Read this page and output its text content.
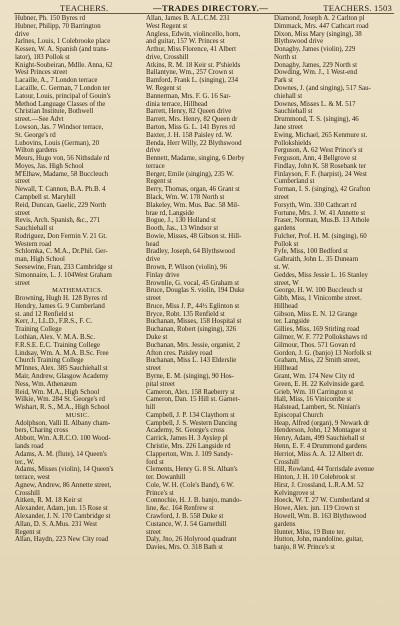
TEACHERS.	—TRADES DIRECTORY.—	TEACHERS. 1503
Hubner, Ph. 150 Byres rd
Hubner, Philipp, 70 Barrington
drive
Jarlnes, Louis, 1 Colebrooke place
Kessen, W. A. Spanish (and trans-
lator), 183 Pollok st
Knight-Soubeiran, Mdlle. Anna, 62
West Princes street
Lacaille, A., 7 London terrace
Lacaille, C. German, 7 London ter
Latour, Louis, principal of Gouin's
Method Language Classes of the
Christian Institute, Bothwell
street.—See Advt
Lowson, Jas. 7 Windsor terrace,
St. George's rd
Lubovins, Louis (German), 20
Wilton gardens
Meurs, Hugo von, 56 Nithsdale rd
Moyes, Jas. High School
M'Elhaw, Madame, 58 Buccleuch
street
Newall, T. Cannon, B.A. Ph.B. 4
Campbell st. Maryhill
Reid, Duncan, Gaelic, 229 North
street
Revis, Arch. Spanish, &c., 271
Sauchiehall st
Rodriguez, Don Fermin V. 21 Gt.
Western road
Schlomka, C. M.A., Dr.Phil. Ger-
man, High School
Seesewine, Fran, 233 Cambridge st
Simonnaire, L. J. 104West Graham
street
MATHEMATICS.
Browning, Hugh H. 128 Byres rd
Hendry, James G. 9 Cumberland
st. and 12 Renfield st
Kerr, J., LL.D., F.R.S., F. C.
Training College
Lothian, Alex. V. M.A. B.Sc.
F.R.S.E. E.C. Training College
Lindsay, Wm. A. M.A. B.Sc. Free
Church Training College
M'Innes, Alex. 385 Sauchiehall st
Mair, Andrew, Glasgow Academy
Ness, Wm. Athenæum
Reid, Wm. M.A., High School
Wilkie, Wm. 284 St. George's rd
Wishart, R. S., M.A., High School
MUSIC.
Adolphson, Valli II. Albany cham-
bers, Charing cross
Abbott, Wm. A.R.C.O. 100 Wood-
lands road
Adams, A. M. (flute), 14 Queen's
ter., W.
Adams, Misses (violin), 14 Queen's
terrace, west
Agnew, Andrew, 86 Annette street,
Crosshill
Aitken, R. M. 18 Keir st
Alexander, Adam, jun. 15 Rose st
Alexander, J. N. 170 Cambridge st
Allan, D. S. A.Mus. 231 West
Regent st
Allan, Haydn, 223 New City road
Allan, James B. A.L.C.M. 231
West Regent st
Angless, Edwin, violincello, horn,
and guitar, 157 W. Princes st
Arthur, Miss Florence, 41 Albert
drive, Crosshill
Atkins, R. M. 18 Keir st. P'shields
Ballantyne, Wm., 257 Crown st
Bamford, Frank L. (singing), 234
W. Regent st
Bannerman, Mrs. F. G. 16 Sar-
dinia terrace, Hillhead
Barrett, Henry, 82 Queen drive
Barrett, Mrs. Henry, 82 Queen dr
Barton, Miss G. L. 141 Byres rd
Baxter, J. H. 158 Paisley rd. W.
Benda, Herr Willy, 22 Blythswood
drive
Bennett, Madame, singing, 6 Derby
terrace
Berger, Emile (singing), 235 W.
Regent st
Berry, Thomas, organ, 46 Grant st
Black, Wm. W. 178 North st
Blakeley, Wm. Mus. Bac. 58 Mil-
brae rd, Langside
Bogue, J., 130 Holland st
Booth, Jas., 13 Windsor st
Bowie, Misses, 48 Gibson st. Hill-
head
Bradley, Joseph, 64 Blythswood
drive
Brown, P. Wilson (violin), 96
Finlay drive
Brownlie, G. vocal, 45 Graham st
Bruce, Douglas S. violin, 194 Duke
street
Bruce, Miss J. P., 44½ Eglinton st
Bryce, Robt. 135 Renfield st
Buchanan, Misses, 158 Hospital st
Buchanan, Robert (singing), 326
Duke st
Buchanan, Mrs. Jessie, organist, 2
Afton cres. Paisley road
Buchanan, Miss L. 143 Elderslie
street
Byrne, E. M. (singing), 90 Hos-
pital street
Cameron, Alex. 158 Raeberry st
Cameron, Dan. 15 Hill st. Garnet-
hill
Campbell, J. P. 134 Claythorn st
Campbell, J. S. Western Dancing
Academy, St. George's cross
Carrick, James H. 3 Ayslep pl
Christie, Mrs. 226 Langside rd
Clapperton, Wm. J. 109 Sandy-
ford st
Clements, Henry G. 8 St. Alban's
ter. Dowanhill
Cole, W. H. (Cole's Band), 6 W.
Prince's st
Connochie, H. J. B. banjo, mando-
line, &c. 164 Renfrew st
Crawford, J. B. 558 Duke st
Custance, W. J. 54 Garnethill
street
Daly, Jno, 26 Holyrood quadrant
Davies, Mrs. O. 318 Bath st
Diamond, Joseph A. 2 Carlton pl
Dimmack, Mrs. 447 Cathcart road
Dixon, Miss Mary (singing), 38
Blythswood drive
Donaghy, James (violin), 229
North st
Donaghy, James, 229 North st
Dowding, Wm. J., 1 West-end
Park st
Downes, J. (and singing), 517 Sau-
chiehall st
Downes, Misses L. & M. 517
Sauchiehall st
Drummond, T. S. (singing), 46
Jane street
Ewing, Michael, 265 Kenmure st.
Pollokshields
Ferguson, A. 62 West Prince's st
Ferguson, Ann, 4 Bellgrove st
Findlay, John K. 58 Rosebank ter
Finlayson, F. F. (harpist), 24 West
Cumberland st
Forman, I. S. (singing), 42 Grafton
street
Forsyth, Wm. 330 Cathcart rd
Fortune, Mrs. J. W. 41 Annette st
Fraser, Norman, Mus.B. 13 Athole
gardens
Fulcher, Prof. H. M. (singing), 60
Pollok st
Fyfe, Miss, 100 Bedford st
Galbraith, John L. 35 Dunearn
st. W.
Geddes, Miss Jessie L. 16 Stanley
street, W
George, H. W. 100 Buccleuch st
Gibb, Miss, 1 Vinicombe street.
Hillhead
Gibson, Miss E. N. 12 Grange
ter. Langside
Gillies, Miss, 169 Stirling road
Gilmer, W. F. 772 Pollokshaws rd
Gilmour, Thos. 571 Govan rd
Gordon, J. G. (banjo) 13 Norfolk st
Graham, Miss, 22 Smith street,
Hillhead
Grant, Wm. 174 New City rd
Green, E. H. 22 Kelvinside gard.
Grieb, Wm. 10 Carrington st
Hall, Miss, 16 Vinicombe st
Halstead, Lambert, St. Ninian's
Episcopal Church
Heap, Alfred (organ), 9 Newark dr
Henderson, John, 12 Montague st
Henry, Adam, 499 Sauchiehall st
Henn, E. F. 4 Drummond gardens
Herriot, Miss A. A. 12 Albert dr.
Crosshill
Hill, Rowland, 44 Torrisdale avenue
Hinton, J. H. 10 Colebrook st
Hirst, J. Crossland, L.R.A.M. 52
Kelvingrove st
Hoeck, W. T. 27 W. Cumberland st
Howe, Alex. jun. 119 Crown st
Howell, Wm. B. 163 Blythswood
gardens
Hunter, Miss, 19 Bute ter.
Hutton, John, mandoline, guitar,
banjo, 8 W. Prince's st
